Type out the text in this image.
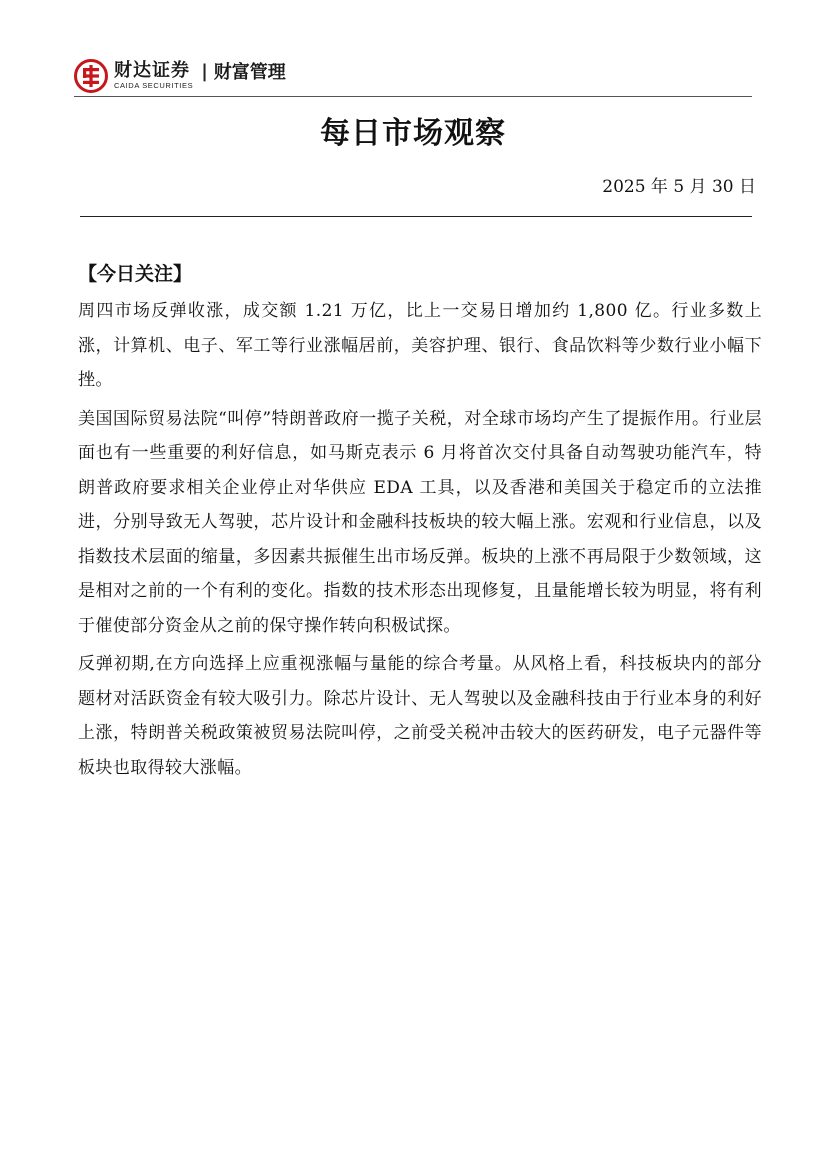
财达证券
CAIDA SECURITIES
| 财富管理
每日市场观察
2025 年 5 月 30 日
【今日关注】

周四市场反弹收涨，成交额 1.21 万亿，比上一交易日增加约 1,800 亿。行业多数上涨，计算机、电子、军工等行业涨幅居前，美容护理、银行、食品饮料等少数行业小幅下挫。

美国国际贸易法院“叫停”特朗普政府一揽子关税，对全球市场均产生了提振作用。行业层面也有一些重要的利好信息，如马斯克表示 6 月将首次交付具备自动驾驶功能汽车，特朗普政府要求相关企业停止对华供应 EDA 工具，以及香港和美国关于稳定币的立法推进，分别导致无人驾驶，芯片设计和金融科技板块的较大幅上涨。宏观和行业信息，以及指数技术层面的缩量，多因素共振催生出市场反弹。板块的上涨不再局限于少数领域，这是相对之前的一个有利的变化。指数的技术形态出现修复，且量能增长较为明显，将有利于催使部分资金从之前的保守操作转向积极试探。

反弹初期,在方向选择上应重视涨幅与量能的综合考量。从风格上看，科技板块内的部分题材对活跃资金有较大吸引力。除芯片设计、无人驾驶以及金融科技由于行业本身的利好上涨，特朗普关税政策被贸易法院叫停，之前受关税冲击较大的医药研发，电子元器件等板块也取得较大涨幅。
